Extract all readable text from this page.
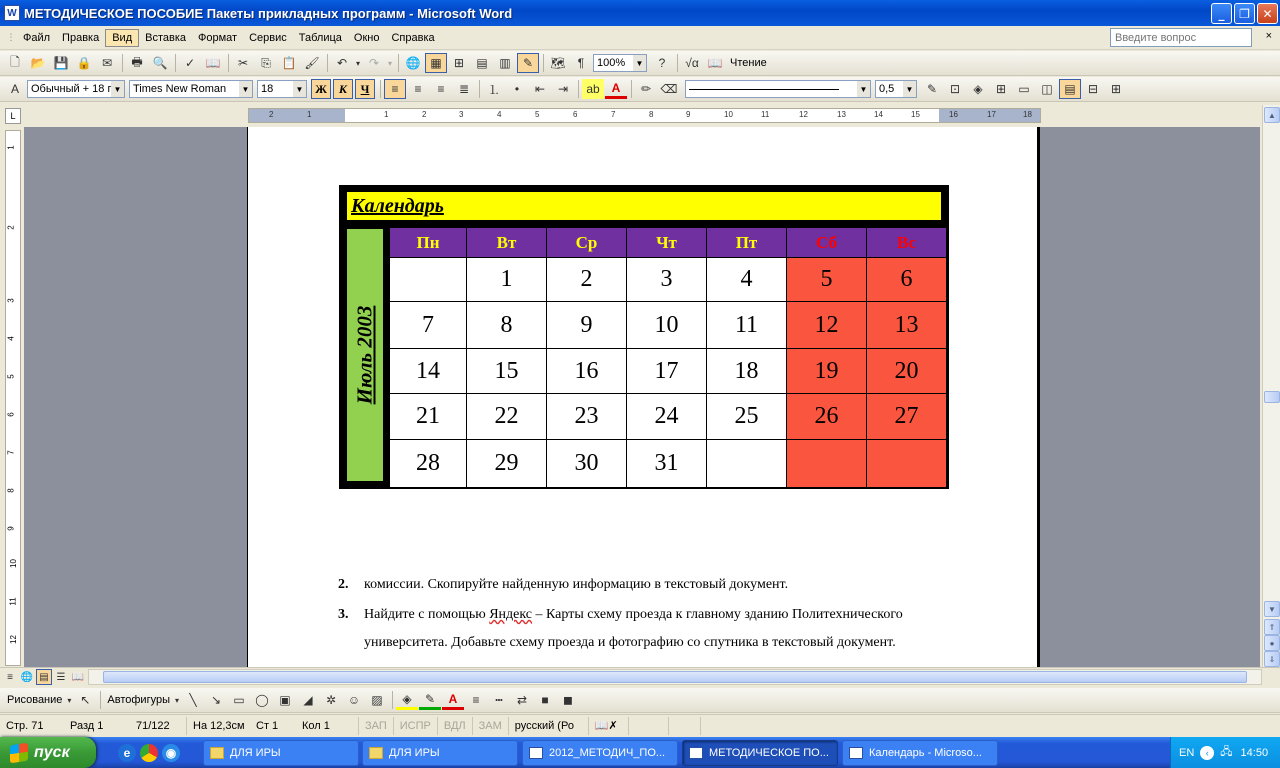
W МЕТОДИЧЕСКОЕ ПОСОБИЕ Пакеты прикладных программ - Microsoft Word	_	❐	✕
⋮ Файл	Правка	Вид	Вставка	Формат	Сервис	Таблица	Окно	Справка
Введите вопрос	×
🗋 📂 💾 🔒 ✉	🖶 🔍	✓ 📖	✂	⎘ 📋 🖌	↶	▾ ↷	▾ 🌐 ▦	⊞	▤ ▥	✎	🗺	¶	100%	▼	?	√α 📖 Чтение
A	Обычный + 18 г ▼ Times New Roman	▼ 18	▼ Ж К	Ч	≡	≡	≡	≣	⒈	•	⇤	⇥	ab A	✏ ⌫	▼ 0,5	▼	✎	⊡	◈	⊞	▭ ◫ ▤	⊟	⊞
L	2	1	1	2	3	4	5	6	7	8	9	10	11	12	13	14	15	16	17	18
1
2
3
4
5
6
7
8
9
10
11
12
Календарь
Июль 2003
Пн	Вт	Ср	Чт	Пт	Сб	Вс
1	2	3	4	5	6
7	8	9	10	11	12	13
14	15	16	17	18	19	20
21	22	23	24	25	26	27
28	29	30	31
2. комиссии. Скопируйте найденную информацию в текстовый документ.
3. Найдите с помощью Яндекс – Карты схему проезда к главному зданию Политехнического
университета. Добавьте схему проезда и фотографию со спутника в текстовый документ.
▲
▼
⇑
●
⇓
≡ 🌐 ▤ ☰ 📖
Рисование ▾ ↖	Автофигуры ▾ ╲	↘	▭ ◯ ▣	◢	✲ ☺ ▨	◈	✎	A	≡	┅	⇄	■	◼
Стр. 71	Разд 1	71/122	На 12,3см	Ст 1	Кол 1	ЗАП	ИСПР	ВДЛ	ЗАМ	русский (Ро	📖✗
пуск	e	◉	ДЛЯ ИРЫ	ДЛЯ ИРЫ	2012_МЕТОДИЧ_ПО...	МЕТОДИЧЕСКОЕ ПО...	Календарь - Microso...	EN	‹	🖧 14:50
